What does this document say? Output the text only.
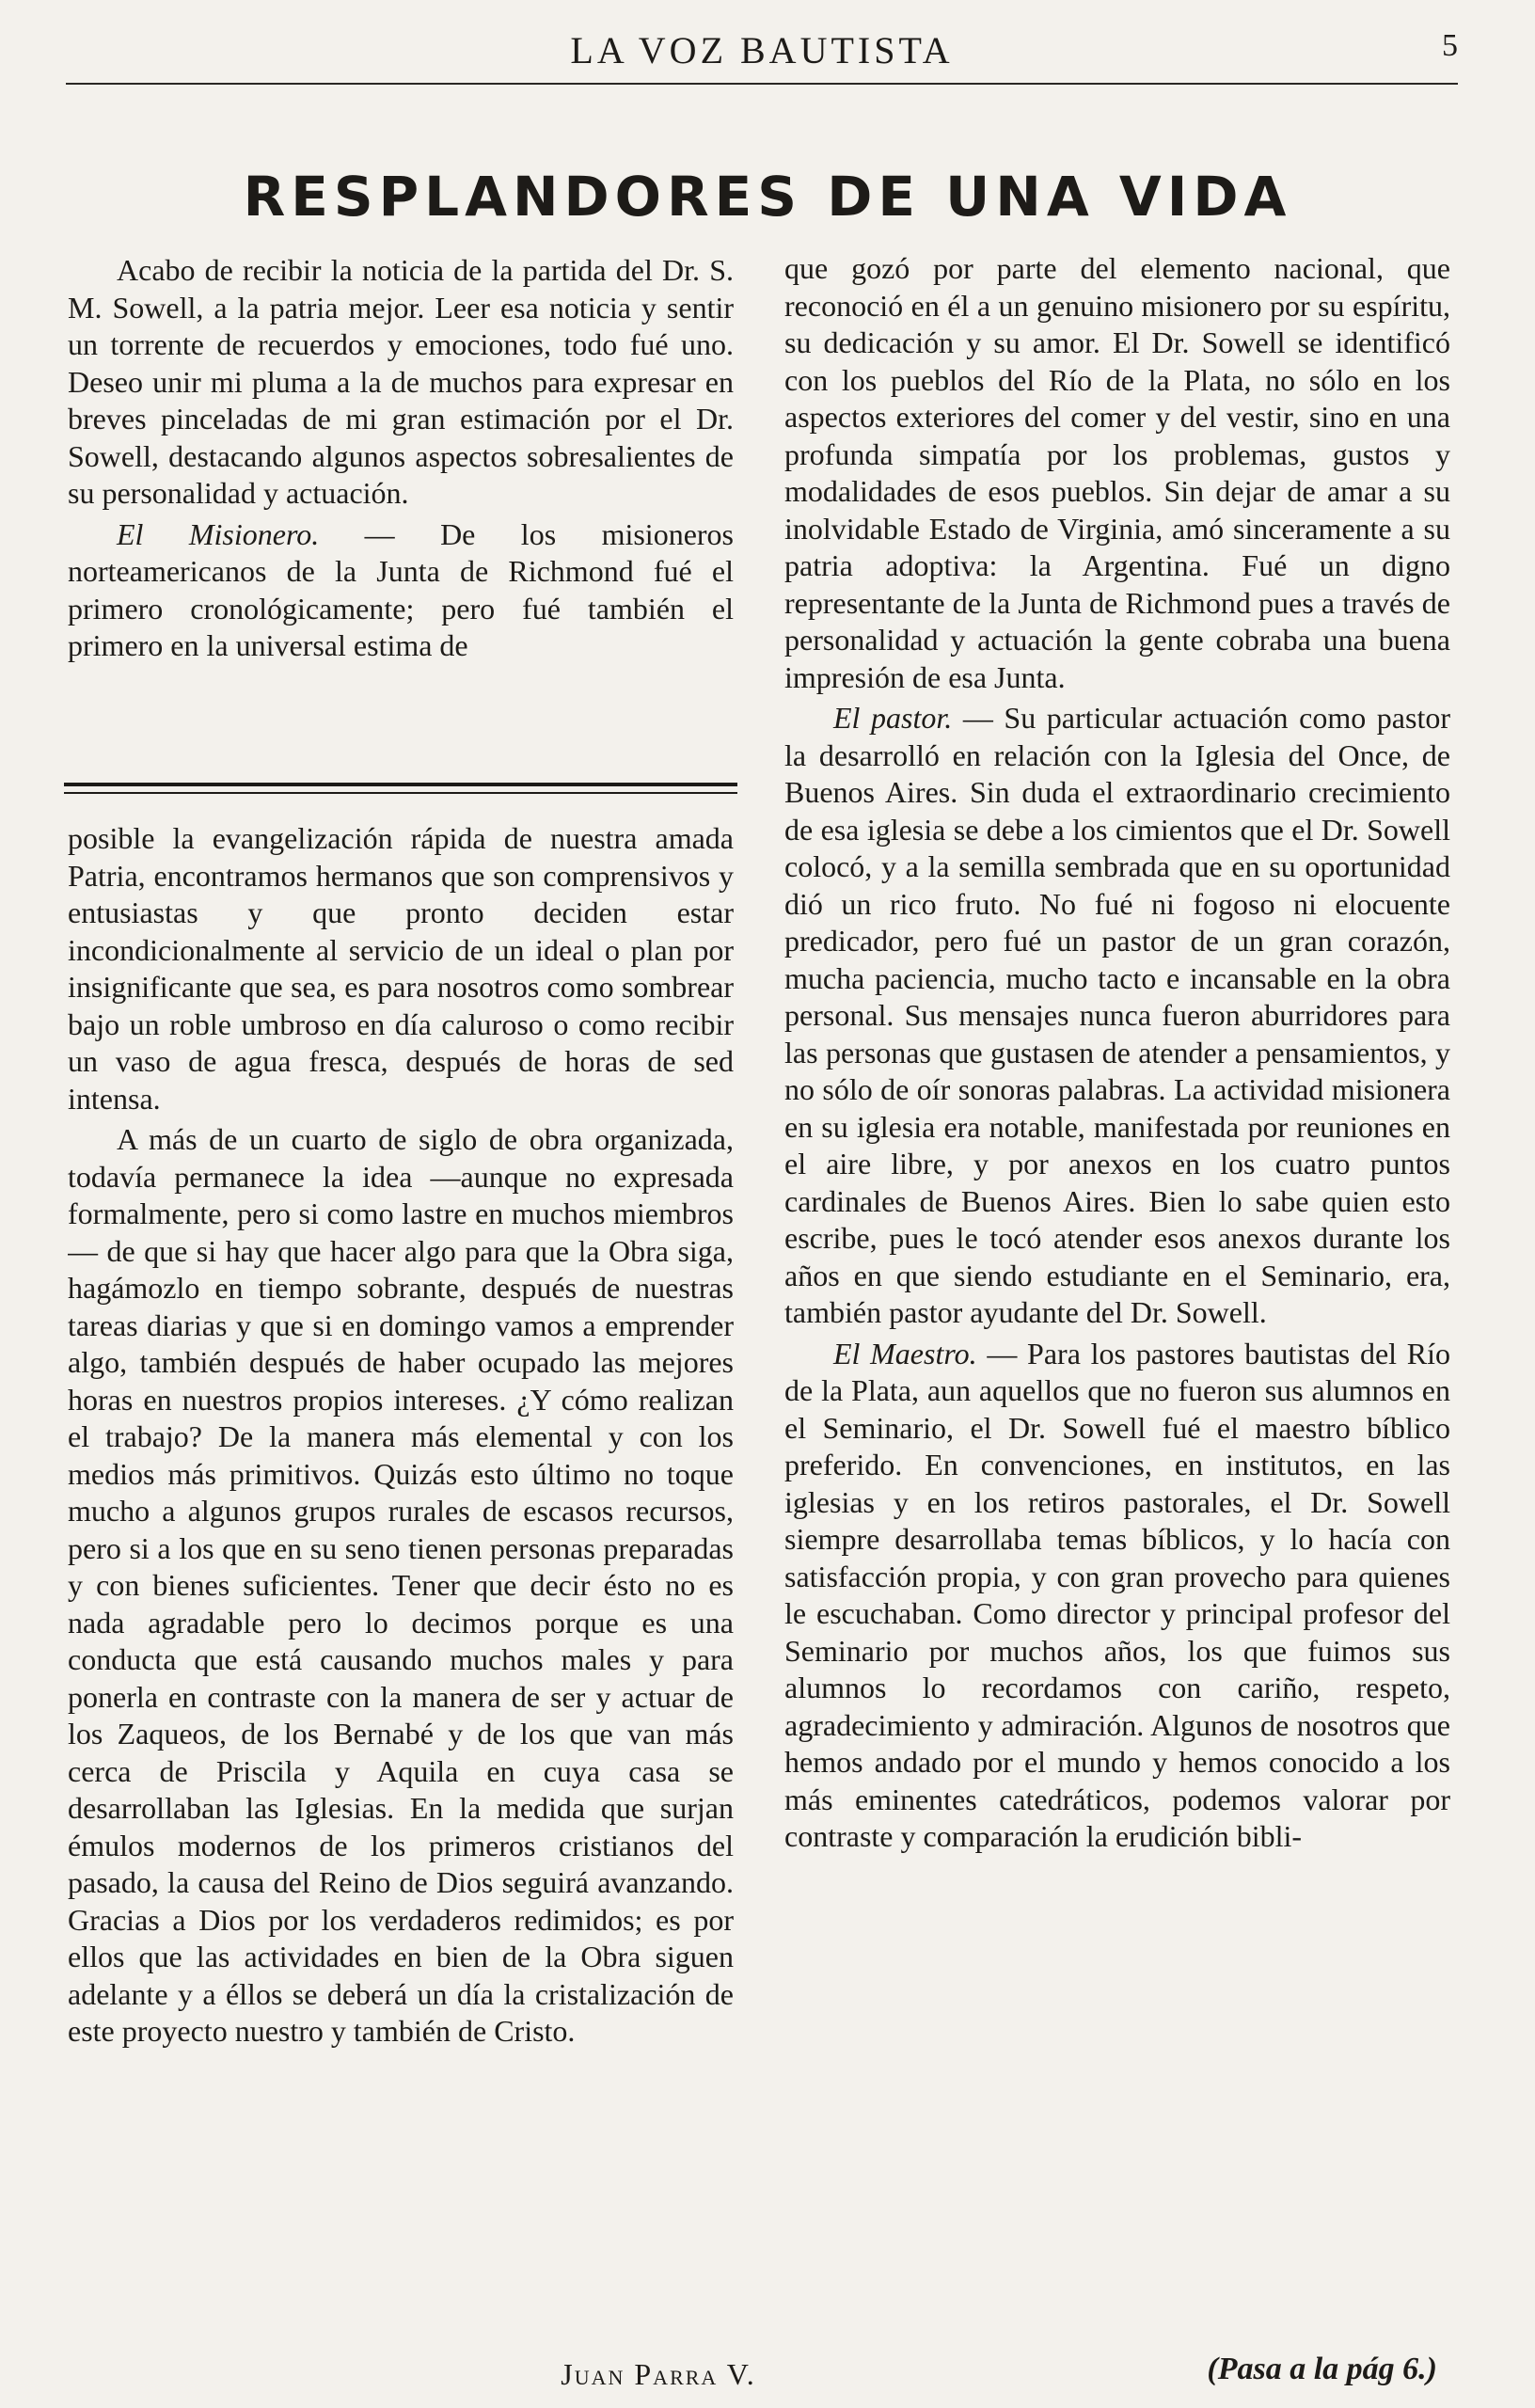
LA VOZ BAUTISTA	5
RESPLANDORES DE UNA VIDA

Acabo de recibir la noticia de la partida del Dr. S. M. Sowell, a la patria mejor. Leer esa noticia y sentir un torrente de recuerdos y emociones, todo fué uno. Deseo unir mi pluma a la de muchos para expresar en breves pinceladas de mi gran estimación por el Dr. Sowell, destacando algunos aspectos sobresalientes de su personalidad y actuación.

El Misionero. — De los misioneros norteamericanos de la Junta de Richmond fué el primero cronológicamente; pero fué también el primero en la universal estima de

posible la evangelización rápida de nuestra amada Patria, encontramos hermanos que son comprensivos y entusiastas y que pronto deciden estar incondicionalmente al servicio de un ideal o plan por insignificante que sea, es para nosotros como sombrear bajo un roble umbroso en día caluroso o como recibir un vaso de agua fresca, después de horas de sed intensa.

A más de un cuarto de siglo de obra organizada, todavía permanece la idea —aunque no expresada formalmente, pero si como lastre en muchos miembros— de que si hay que hacer algo para que la Obra siga, hagámozlo en tiempo sobrante, después de nuestras tareas diarias y que si en domingo vamos a emprender algo, también después de haber ocupado las mejores horas en nuestros propios intereses. ¿Y cómo realizan el trabajo? De la manera más elemental y con los medios más primitivos. Quizás esto último no toque mucho a algunos grupos rurales de escasos recursos, pero si a los que en su seno tienen personas preparadas y con bienes suficientes. Tener que decir ésto no es nada agradable pero lo decimos porque es una conducta que está causando muchos males y para ponerla en contraste con la manera de ser y actuar de los Zaqueos, de los Bernabé y de los que van más cerca de Priscila y Aquila en cuya casa se desarrollaban las Iglesias. En la medida que surjan émulos modernos de los primeros cristianos del pasado, la causa del Reino de Dios seguirá avanzando. Gracias a Dios por los verdaderos redimidos; es por ellos que las actividades en bien de la Obra siguen adelante y a éllos se deberá un día la cristalización de este proyecto nuestro y también de Cristo.

que gozó por parte del elemento nacional, que reconoció en él a un genuino misionero por su espíritu, su dedicación y su amor. El Dr. Sowell se identificó con los pueblos del Río de la Plata, no sólo en los aspectos exteriores del comer y del vestir, sino en una profunda simpatía por los problemas, gustos y modalidades de esos pueblos. Sin dejar de amar a su inolvidable Estado de Virginia, amó sinceramente a su patria adoptiva: la Argentina. Fué un digno representante de la Junta de Richmond pues a través de personalidad y actuación la gente cobraba una buena impresión de esa Junta.

El pastor. — Su particular actuación como pastor la desarrolló en relación con la Iglesia del Once, de Buenos Aires. Sin duda el extraordinario crecimiento de esa iglesia se debe a los cimientos que el Dr. Sowell colocó, y a la semilla sembrada que en su oportunidad dió un rico fruto. No fué ni fogoso ni elocuente predicador, pero fué un pastor de un gran corazón, mucha paciencia, mucho tacto e incansable en la obra personal. Sus mensajes nunca fueron aburridores para las personas que gustasen de atender a pensamientos, y no sólo de oír sonoras palabras. La actividad misionera en su iglesia era notable, manifestada por reuniones en el aire libre, y por anexos en los cuatro puntos cardinales de Buenos Aires. Bien lo sabe quien esto escribe, pues le tocó atender esos anexos durante los años en que siendo estudiante en el Seminario, era, también pastor ayudante del Dr. Sowell.

El Maestro. — Para los pastores bautistas del Río de la Plata, aun aquellos que no fueron sus alumnos en el Seminario, el Dr. Sowell fué el maestro bíblico preferido. En convenciones, en institutos, en las iglesias y en los retiros pastorales, el Dr. Sowell siempre desarrollaba temas bíblicos, y lo hacía con satisfacción propia, y con gran provecho para quienes le escuchaban. Como director y principal profesor del Seminario por muchos años, los que fuimos sus alumnos lo recordamos con cariño, respeto, agradecimiento y admiración. Algunos de nosotros que hemos andado por el mundo y hemos conocido a los más eminentes catedráticos, podemos valorar por contraste y comparación la erudición bibli-

Juan Parra V.	(Pasa a la pág 6.)
